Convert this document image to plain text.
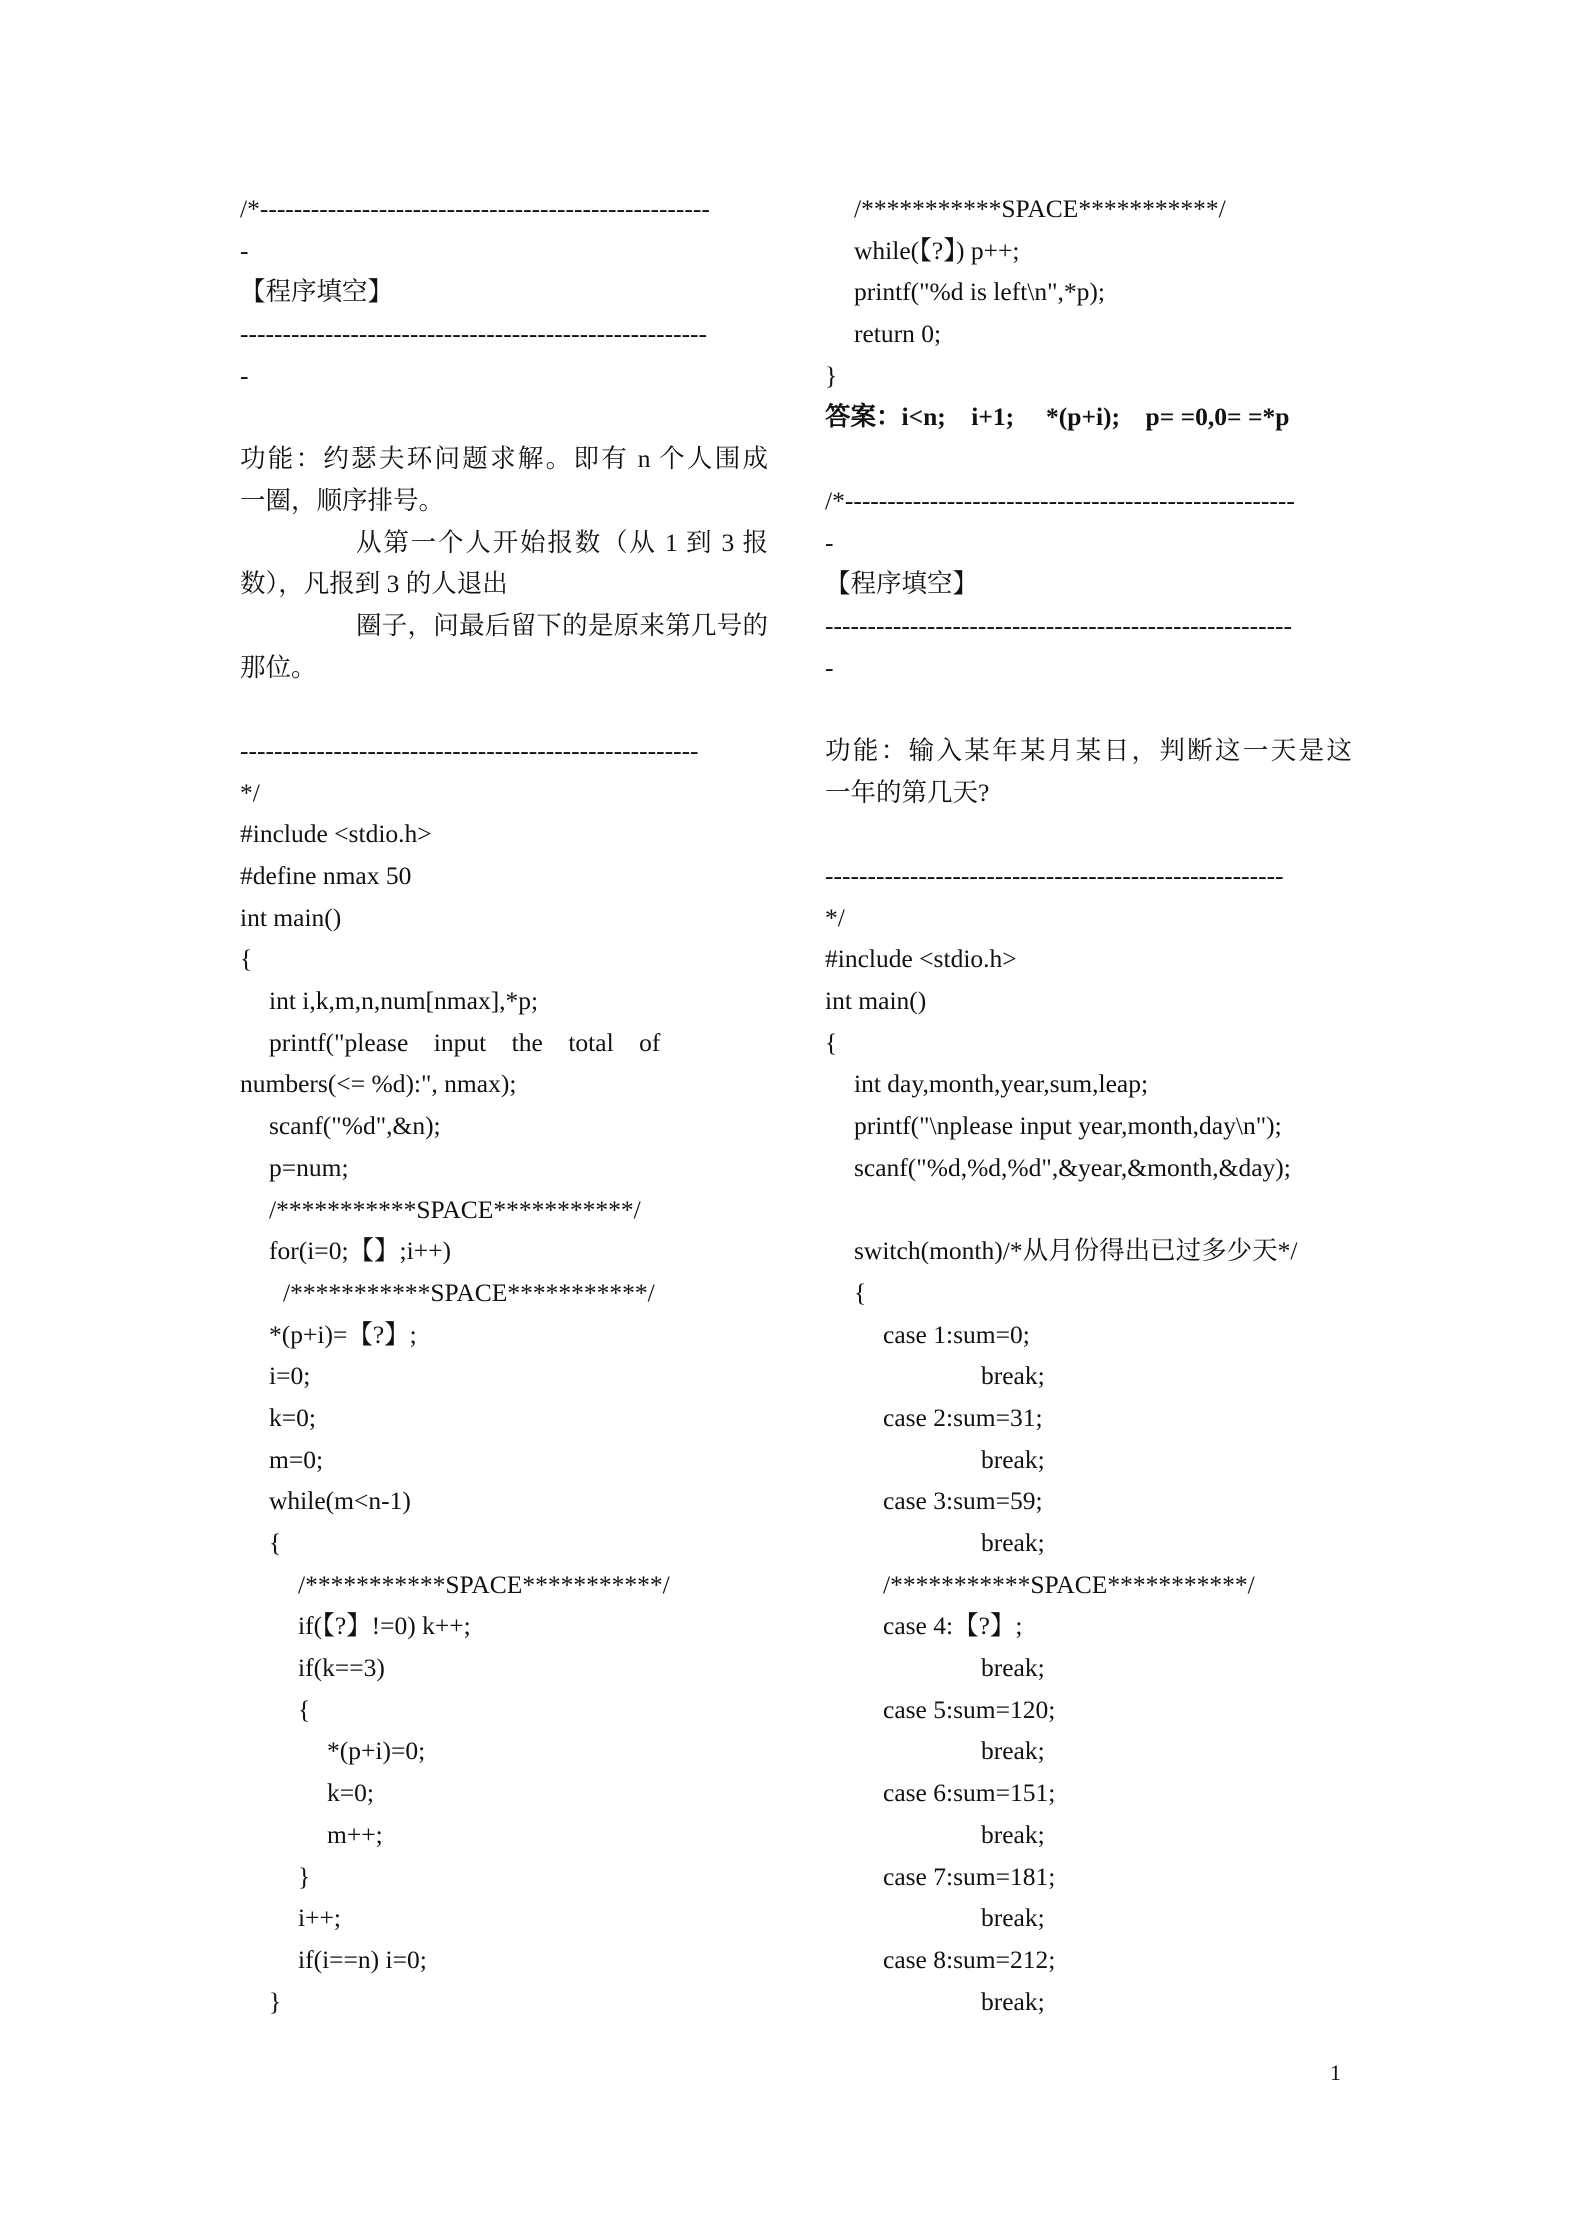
/*-----------------------------------------------------
-
【程序填空】
-------------------------------------------------------
-
功能：约瑟夫环问题求解。即有 n 个人围成
一圈，顺序排号。
从第一个人开始报数（从 1 到 3 报
数），凡报到 3 的人退出
圈子，问最后留下的是原来第几号的
那位。
------------------------------------------------------
*/
#include <stdio.h>
#define nmax 50
int main()
{
int i,k,m,n,num[nmax],*p;
printf("please    input    the    total    of
numbers(<= %d):", nmax);
scanf("%d",&n);
p=num;
/***********SPACE***********/
for(i=0;【】;i++)
/***********SPACE***********/
*(p+i)=【?】;
i=0;
k=0;
m=0;
while(m<n-1)
{
/***********SPACE***********/
if(【?】!=0) k++;
if(k==3)
{
*(p+i)=0;
k=0;
m++;
}
i++;
if(i==n) i=0;
}
/***********SPACE***********/
while(【?】) p++;
printf("%d is left\n",*p);
return 0;
}
答案：i<n;    i+1;     *(p+i);    p= =0,0= =*p
/*-----------------------------------------------------
-
【程序填空】
-------------------------------------------------------
-
功能：输入某年某月某日，判断这一天是这
一年的第几天?
------------------------------------------------------
*/
#include <stdio.h>
int main()
{
int day,month,year,sum,leap;
printf("\nplease input year,month,day\n");
scanf("%d,%d,%d",&year,&month,&day);
switch(month)/*从月份得出已过多少天*/
{
case 1:sum=0;
break;
case 2:sum=31;
break;
case 3:sum=59;
break;
/***********SPACE***********/
case 4:【?】;
break;
case 5:sum=120;
break;
case 6:sum=151;
break;
case 7:sum=181;
break;
case 8:sum=212;
break;
1
